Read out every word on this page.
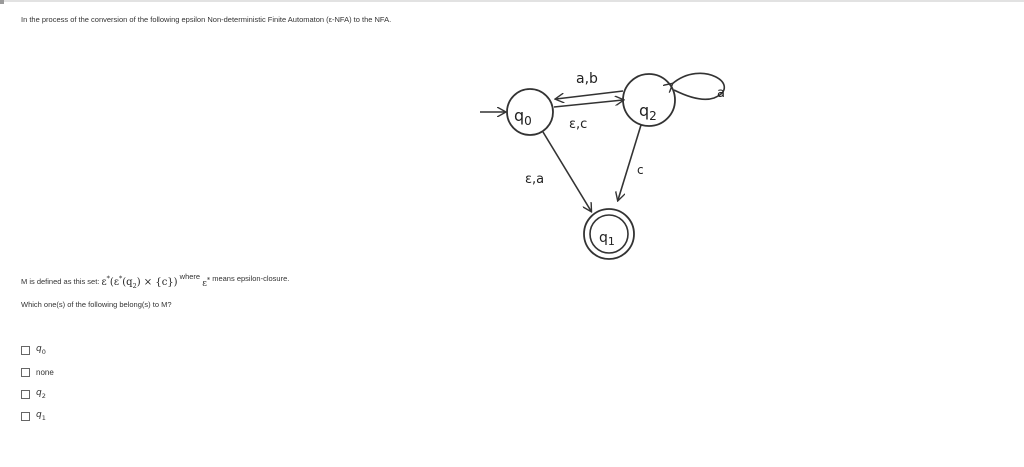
In the process of the conversion of the following epsilon Non-deterministic Finite Automaton (ε-NFA) to the NFA.
$q_0$
$q_2$
$q_1$
a,b
ε,c
a
ε,a
c
M is defined as this set: $\varepsilon^*(\varepsilon^*(q_2) \times \{c\})$ where ε* means epsilon-closure.
Which one(s) of the following belong(s) to M?
$q_0$
none
$q_2$
$q_1$
